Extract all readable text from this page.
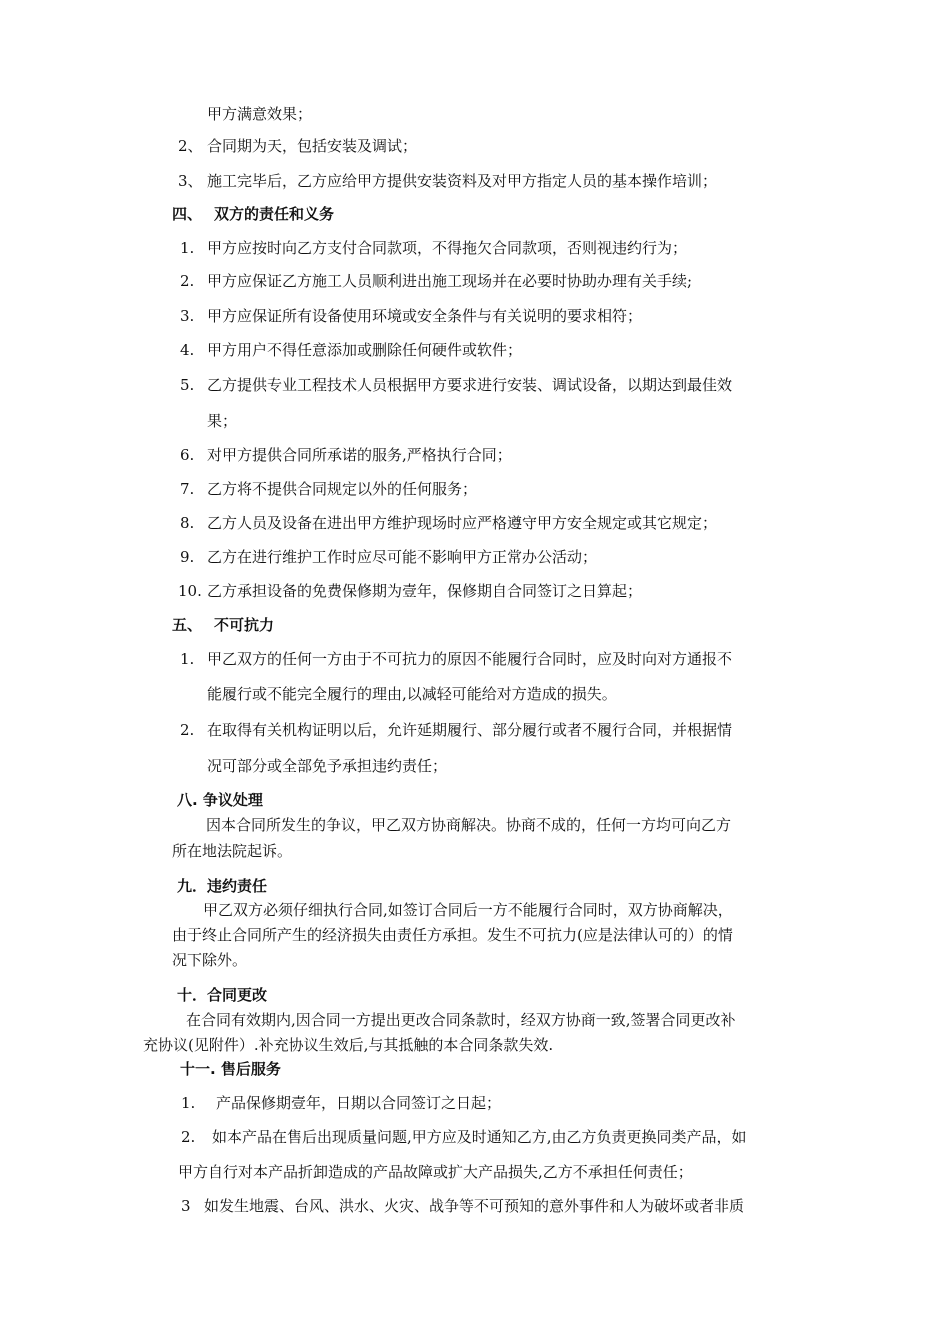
甲方满意效果；
2、 合同期为天，包括安装及调试；
3、 施工完毕后，乙方应给甲方提供安装资料及对甲方指定人员的基本操作培训；
四、 双方的责任和义务
1. 甲方应按时向乙方支付合同款项，不得拖欠合同款项，否则视违约行为；
2. 甲方应保证乙方施工人员顺利进出施工现场并在必要时协助办理有关手续;
3. 甲方应保证所有设备使用环境或安全条件与有关说明的要求相符；
4. 甲方用户不得任意添加或删除任何硬件或软件；
5. 乙方提供专业工程技术人员根据甲方要求进行安装、调试设备，以期达到最佳效
果；
6. 对甲方提供合同所承诺的服务,严格执行合同；
7. 乙方将不提供合同规定以外的任何服务；
8. 乙方人员及设备在进出甲方维护现场时应严格遵守甲方安全规定或其它规定；
9. 乙方在进行维护工作时应尽可能不影响甲方正常办公活动；
10. 乙方承担设备的免费保修期为壹年，保修期自合同签订之日算起；
五、 不可抗力
1. 甲乙双方的任何一方由于不可抗力的原因不能履行合同时，应及时向对方通报不
能履行或不能完全履行的理由,以减轻可能给对方造成的损失。
2. 在取得有关机构证明以后，允许延期履行、部分履行或者不履行合同，并根据情
况可部分或全部免予承担违约责任；
八. 争议处理
因本合同所发生的争议，甲乙双方协商解决。协商不成的，任何一方均可向乙方
所在地法院起诉。
九．违约责任
甲乙双方必须仔细执行合同,如签订合同后一方不能履行合同时，双方协商解决，
由于终止合同所产生的经济损失由责任方承担。发生不可抗力(应是法律认可的）的情
况下除外。
十．合同更改
在合同有效期内,因合同一方提出更改合同条款时，经双方协商一致,签署合同更改补
充协议(见附件）.补充协议生效后,与其抵触的本合同条款失效.
十一. 售后服务
1. 产品保修期壹年，日期以合同签订之日起；
2. 如本产品在售后出现质量问题,甲方应及时通知乙方,由乙方负责更换同类产品，如
甲方自行对本产品折卸造成的产品故障或扩大产品损失,乙方不承担任何责任；
3 如发生地震、台风、洪水、火灾、战争等不可预知的意外事件和人为破坏或者非质
